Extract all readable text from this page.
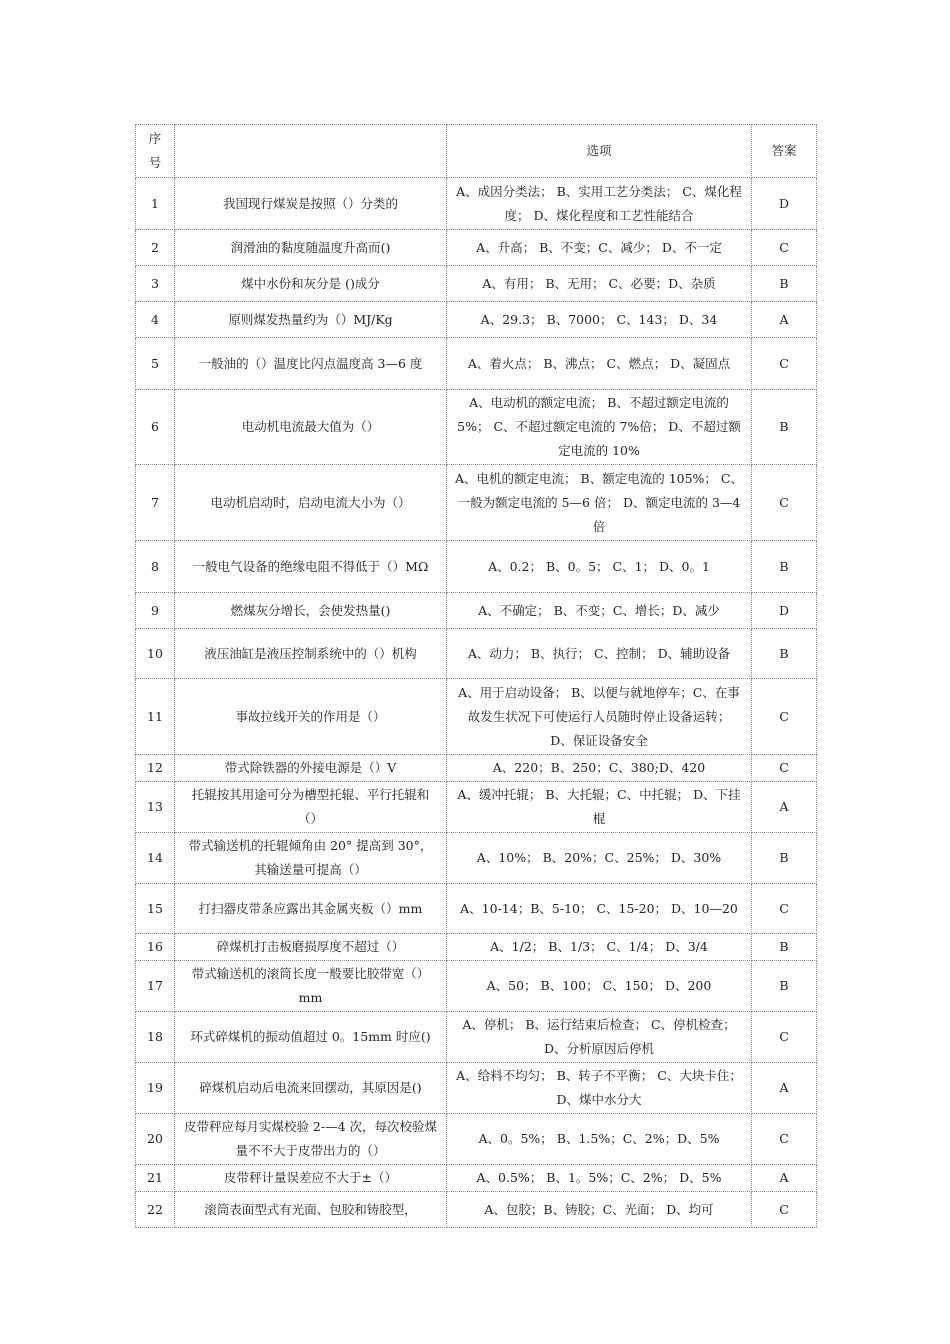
序号		选项	答案
1	我国现行煤炭是按照（）分类的	A、成因分类法； B、实用工艺分类法； C、煤化程度； D、煤化程度和工艺性能结合	D
2	润滑油的黏度随温度升高而()	A、升高； B、不变；C、减少； D、不一定	C
3	煤中水份和灰分是 ()成分	A、有用； B、无用； C、必要；D、杂质	B
4	原则煤发热量约为（）MJ/Kg	A、29.3； B、7000； C、143； D、34	A
5	一般油的（）温度比闪点温度高 3—6 度	A、着火点； B、沸点； C、燃点； D、凝固点	C
6	电动机电流最大值为（）	A、电动机的额定电流； B、不超过额定电流的 5%； C、不超过额定电流的 7%倍； D、不超过额定电流的 10%	B
7	电动机启动时，启动电流大小为（）	A、电机的额定电流； B、额定电流的 105%； C、一般为额定电流的 5—6 倍； D、额定电流的 3—4 倍	C
8	一般电气设备的绝缘电阻不得低于（）MΩ	A、0.2； B、0。5； C、1； D、0。1	B
9	燃煤灰分增长，会使发热量()	A、不确定； B、不变；C、增长；D、减少	D
10	液压油缸是液压控制系统中的（）机构	A、动力； B、执行； C、控制； D、辅助设备	B
11	事故拉线开关的作用是（）	A、用于启动设备； B、以便与就地停车；C、在事故发生状况下可使运行人员随时停止设备运转； D、保证设备安全	C
12	带式除铁器的外接电源是（）V	A、220；B、250；C、380;D、420	C
13	托辊按其用途可分为槽型托辊、平行托辊和（）	A、缓冲托辊； B、大托辊；C、中托辊； D、下挂棍	A
14	带式输送机的托辊倾角由 20° 提高到 30°，其输送量可提高（）	A、10%； B、20%；C、25%； D、30%	B
15	打扫器皮带条应露出其金属夹板（）mm	A、10-14；B、5-10； C、15-20； D、10—20	C
16	碎煤机打击板磨损厚度不超过（）	A、1/2； B、1/3； C、1/4； D、3/4	B
17	带式输送机的滚筒长度一般要比胶带宽（）mm	A、50； B、100； C、150； D、200	B
18	环式碎煤机的振动值超过 0。15mm 时应()	A、停机； B、运行结束后检查； C、停机检查； D、分析原因后停机	C
19	碎煤机启动后电流来回摆动，其原因是()	A、给料不均匀； B、转子不平衡； C、大块卡住； D、煤中水分大	A
20	皮带秤应每月实煤校验 2-—4 次，每次校验煤量不不大于皮带出力的（）	A、0。5%； B、1.5%；C、2%；D、5%	C
21	皮带秤计量误差应不大于±（）	A、0.5%； B、1。5%；C、2%； D、5%	A
22	滚筒表面型式有光面、包胶和铸胶型，	A、包胶；B、铸胶；C、光面； D、均可	C
